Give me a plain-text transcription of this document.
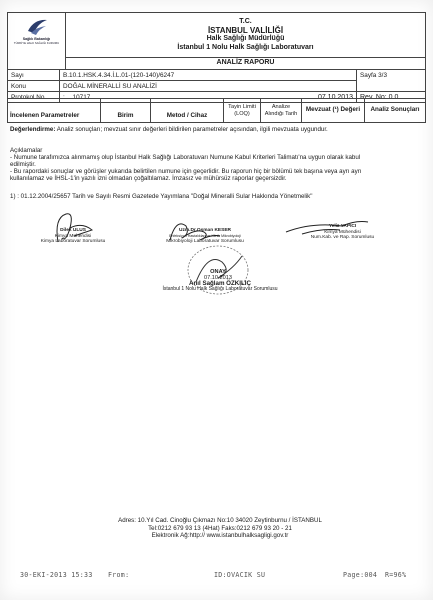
Sağlık Bakanlığı
TÜRKİYE HALK SAĞLIĞI KURUMU

T.C.
İSTANBUL VALİLİĞİ
Halk Sağlığı Müdürlüğü
İstanbul 1 Nolu Halk Sağlığı Laboratuvarı

ANALİZ RAPORU
Sayı	B.10.1.HSK.4.34.İ.L.01-(120-140)/6247	Sayfa 3/3
Konu	DOĞAL MİNERALLİ SU ANALİZİ	
Protokol No	: 10717 07.10.2013	Rev. No: 0 0
İncelenen Parametreler	Birim	Metod / Cihaz	Tayin Limiti (LOQ)	Analize Alındığı Tarih	Mevzuat (¹) Değeri	Analiz Sonuçları
Değerlendirme: Analiz sonuçları; mevzuat sınır değerleri bildirilen parametreler açısından, ilgili mevzuata uygundur.
Açıklamalar
- Numune tarafımızca alınmamış olup İstanbul Halk Sağlığı Laboratuvarı Numune Kabul Kriterleri Talimatı'na uygun olarak kabul
edilmiştir.
- Bu rapordaki sonuçlar ve görüşler yukarıda belirtilen numune için geçerlidir. Bu raporun hiç bir bölümü tek başına veya ayrı ayrı
kullanılamaz ve İHSL-1'in yazılı izni olmadan çoğaltılamaz. İmzasız ve mühürsüz raporlar geçersizdir.
1) : 01.12.2004/25657 Tarih ve Sayılı Resmi Gazetede Yayımlana "Doğal Mineralli Sular Hakkında Yönetmelik"
Dilek ULUS
Kimya Mühendisi
Kimya Laboratuvar Sorumlusu
Uzm.Dr.Osman KESER
Enfeksiyon Hastalıkları ve Klinik Mikrobiyoloji
Mikrobiyoloji Laboratuvar Sorumlusu
Yeliz YAPICI
Kimya Mühendisi
Num.Kab. ve Rap. Sorumlusu
ONAY
07.10.2013
Anıl Sağlam ÖZKILIÇ
İstanbul 1 Nolu Halk Sağlığı Laboratuvar Sorumlusu
Adres: 10.Yıl Cad. Cinoğlu Çıkmazı No:10 34020 Zeytinburnu / İSTANBUL
Tel:0212 679 93 13 (4Hat) Faks:0212 679 93 20 - 21
Elektronik Ağ:http:// www.istanbulhalksagligi.gov.tr
30-EKI-2013 15:33 From:	ID:OVACIK SU	Page:004 R=96%
